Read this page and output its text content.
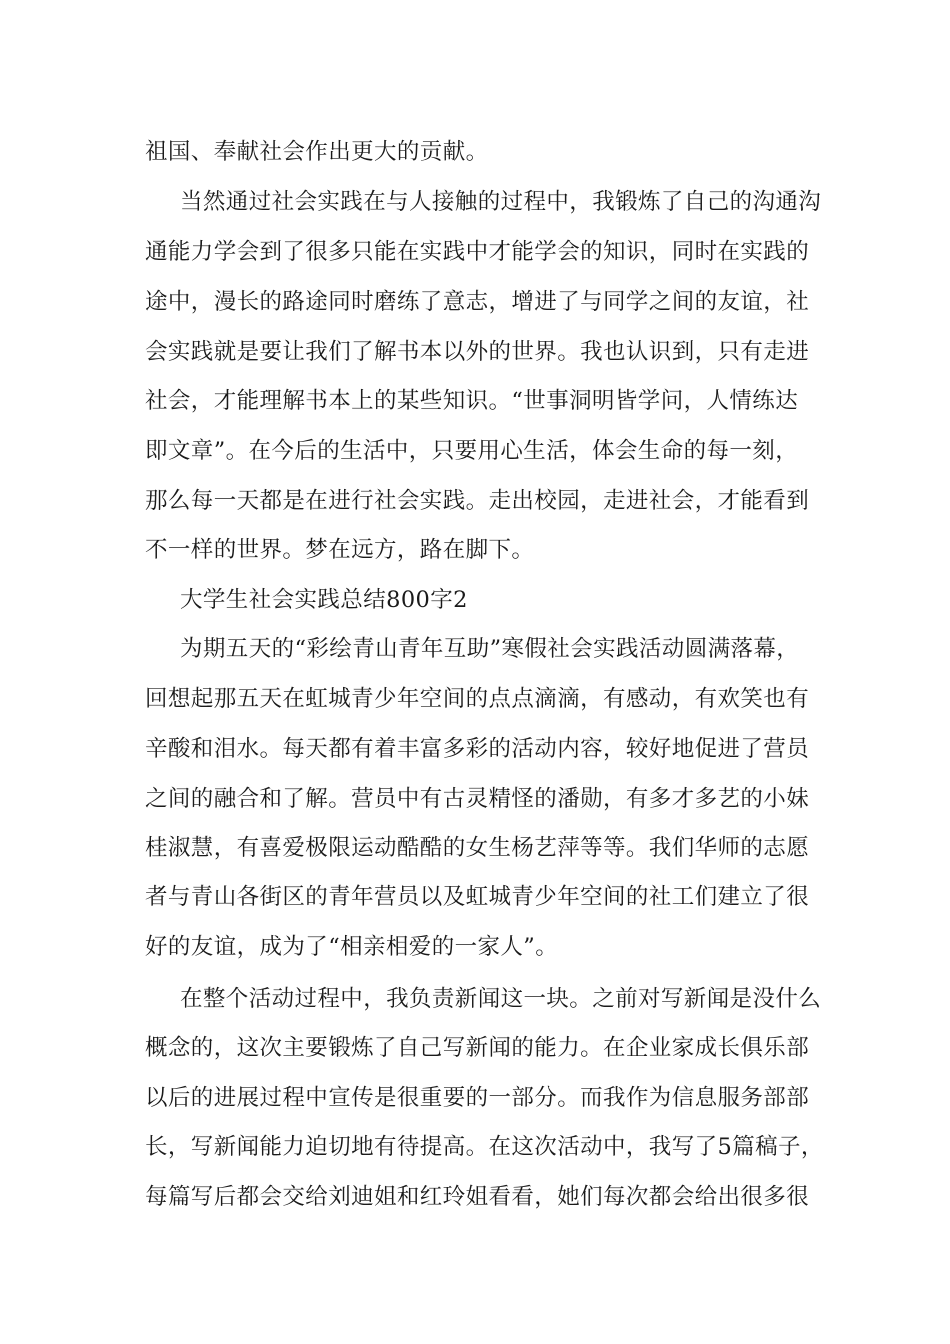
祖国、奉献社会作出更大的贡献。
当然通过社会实践在与人接触的过程中，我锻炼了自己的沟通沟
通能力学会到了很多只能在实践中才能学会的知识，同时在实践的
途中，漫长的路途同时磨练了意志，增进了与同学之间的友谊，社
会实践就是要让我们了解书本以外的世界。我也认识到，只有走进
社会，才能理解书本上的某些知识。“世事洞明皆学问，人情练达
即文章”。在今后的生活中，只要用心生活，体会生命的每一刻，
那么每一天都是在进行社会实践。走出校园，走进社会，才能看到
不一样的世界。梦在远方，路在脚下。
大学生社会实践总结800字2
为期五天的“彩绘青山青年互助”寒假社会实践活动圆满落幕，
回想起那五天在虹城青少年空间的点点滴滴，有感动，有欢笑也有
辛酸和泪水。每天都有着丰富多彩的活动内容，较好地促进了营员
之间的融合和了解。营员中有古灵精怪的潘勋，有多才多艺的小妹
桂淑慧，有喜爱极限运动酷酷的女生杨艺萍等等。我们华师的志愿
者与青山各街区的青年营员以及虹城青少年空间的社工们建立了很
好的友谊，成为了“相亲相爱的一家人”。
在整个活动过程中，我负责新闻这一块。之前对写新闻是没什么
概念的，这次主要锻炼了自己写新闻的能力。在企业家成长俱乐部
以后的进展过程中宣传是很重要的一部分。而我作为信息服务部部
长，写新闻能力迫切地有待提高。在这次活动中，我写了5篇稿子，
每篇写后都会交给刘迪姐和红玲姐看看，她们每次都会给出很多很
